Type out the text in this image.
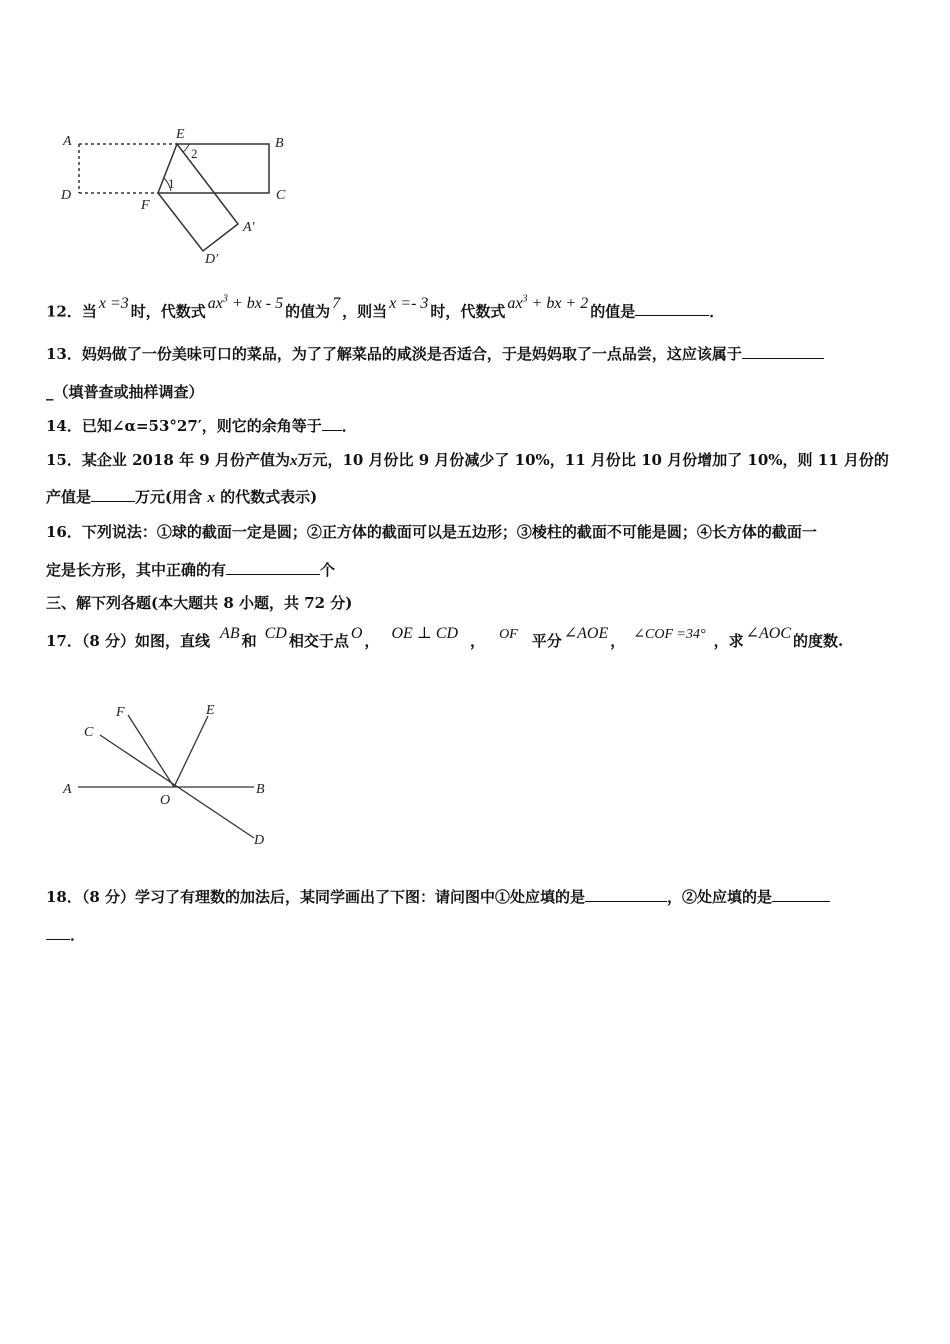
A	E
B
D
F
C
A′
D′
1
2
12．当 x =3 时，代数式 $ax^3$ + bx - 5 的值为 7 ，则当 x =- 3 时，代数式 $ax^3$ + bx + 2 的值是	．
13．妈妈做了一份美味可口的菜品，为了了解菜品的咸淡是否适合，于是妈妈取了一点品尝，这应该属于
_（填普查或抽样调查）
14．已知∠α=53°27′，则它的余角等于 ．
15．某企业 2018 年 9 月份产值为x万元，10 月份比 9 月份减少了 10%，11 月份比 10 月份增加了 10%，则 11 月份的
产值是	万元(用含 x 的代数式表示)
16．下列说法：①球的截面一定是圆；②正方体的截面可以是五边形；③棱柱的截面不可能是圆；④长方体的截面一
定是长方形，其中正确的有	个
三、解下列各题(本大题共 8 小题，共 72 分)
17．（8 分）如图，直线 AB 和 CD 相交于点 O ， OE ⊥ CD ， OF 平分 ∠AOE ， ∠COF =34° ，求 ∠AOC 的度数.
A	B
C
D
E
F
O
18．（8 分）学习了有理数的加法后，某同学画出了下图：请问图中①处应填的是	，②处应填的是
．
